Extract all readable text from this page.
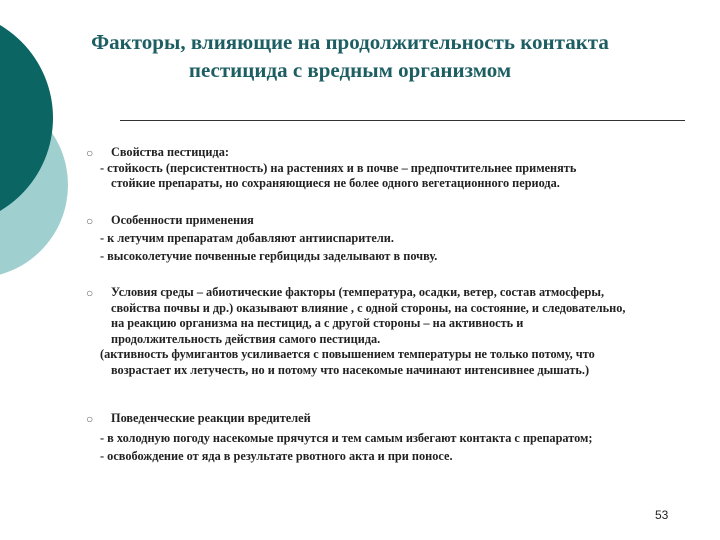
Факторы, влияющие на продолжительность контакта
пестицида с вредным организмом
○	Свойства пестицида:
- стойкость (персистентность) на растениях и в почве – предпочтительнее применять
стойкие препараты, но сохраняющиеся не более одного вегетационного периода.
○	Особенности применения
- к летучим препаратам добавляют антииспарители.
- высоколетучие почвенные гербициды заделывают в почву.
○	Условия среды – абиотические факторы (температура, осадки, ветер, состав атмосферы, свойства почвы и др.) оказывают влияние , с одной стороны, на состояние, и следовательно, на реакцию организма на пестицид, а с другой стороны – на активность и продолжительность действия самого пестицида.
(активность фумигантов усиливается с повышением температуры не только потому, что возрастает их летучесть, но и потому что насекомые начинают интенсивнее дышать.)
○	Поведенческие реакции вредителей
- в холодную погоду насекомые прячутся и тем самым избегают контакта с препаратом;
- освобождение от яда в результате рвотного акта и при поносе.
53
